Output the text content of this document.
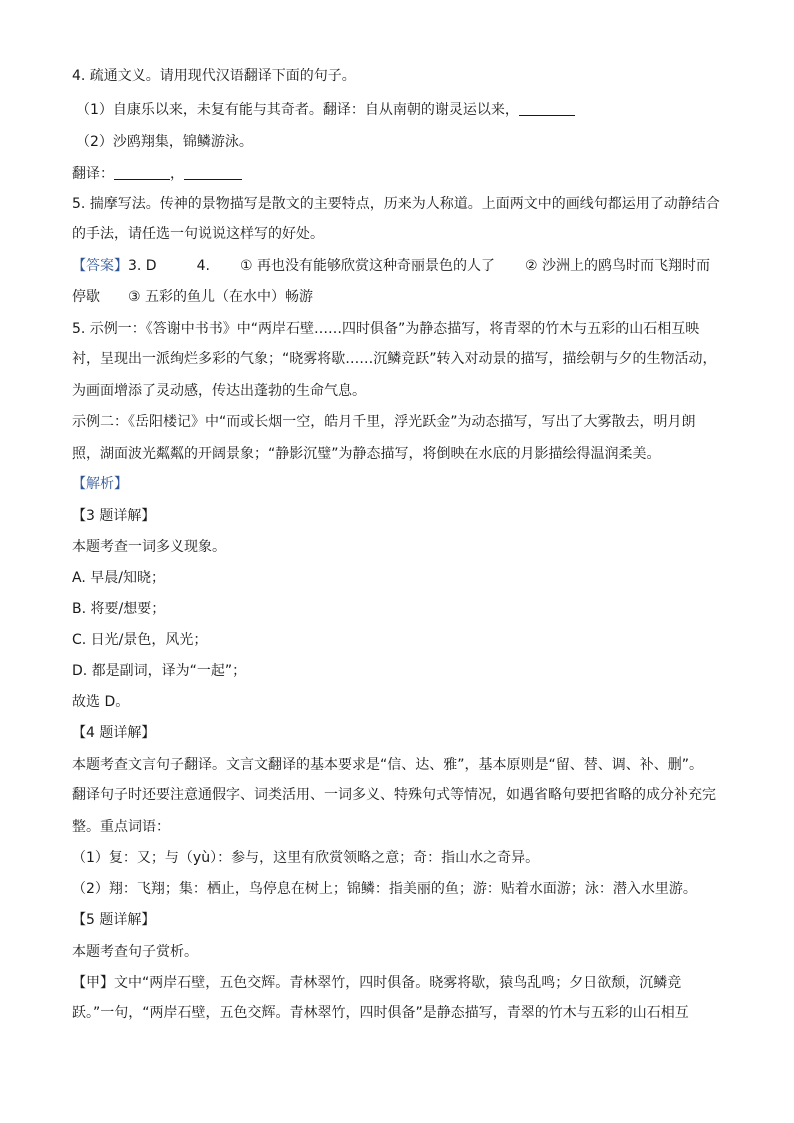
4. 疏通文义。请用现代汉语翻译下面的句子。
（1）自康乐以来，未复有能与其奇者。翻译：自从南朝的谢灵运以来，
（2）沙鸥翔集，锦鳞游泳。
翻译：	，
5. 揣摩写法。传神的景物描写是散文的主要特点，历来为人称道。上面两文中的画线句都运用了动静结合
的手法，请任选一句说说这样写的好处。
【答案】3. D	4. ① 再也没有能够欣赏这种奇丽景色的人了 ② 沙洲上的鸥鸟时而飞翔时而
停歇 ③ 五彩的鱼儿（在水中）畅游
5. 示例一：《答谢中书书》中“两岸石壁……四时俱备”为静态描写，将青翠的竹木与五彩的山石相互映
衬，呈现出一派绚烂多彩的气象；“晓雾将歇……沉鳞竞跃”转入对动景的描写，描绘朝与夕的生物活动，
为画面增添了灵动感，传达出蓬勃的生命气息。
示例二：《岳阳楼记》中“而或长烟一空，皓月千里，浮光跃金”为动态描写，写出了大雾散去，明月朗
照，湖面波光粼粼的开阔景象；“静影沉璧”为静态描写，将倒映在水底的月影描绘得温润柔美。
【解析】
【3 题详解】
本题考查一词多义现象。
A. 早晨/知晓；
B. 将要/想要；
C. 日光/景色，风光；
D. 都是副词，译为“一起”；
故选 D。
【4 题详解】
本题考查文言句子翻译。文言文翻译的基本要求是“信、达、雅”，基本原则是“留、替、调、补、删”。
翻译句子时还要注意通假字、词类活用、一词多义、特殊句式等情况，如遇省略句要把省略的成分补充完
整。重点词语：
（1）复：又；与（yù）：参与，这里有欣赏领略之意；奇：指山水之奇异。
（2）翔：飞翔；集：栖止，鸟停息在树上；锦鳞：指美丽的鱼；游：贴着水面游；泳：潜入水里游。
【5 题详解】
本题考查句子赏析。
【甲】文中“两岸石壁，五色交辉。青林翠竹，四时俱备。晓雾将歇，猿鸟乱鸣；夕日欲颓，沉鳞竞
跃。”一句，“两岸石壁，五色交辉。青林翠竹，四时俱备”是静态描写，青翠的竹木与五彩的山石相互
